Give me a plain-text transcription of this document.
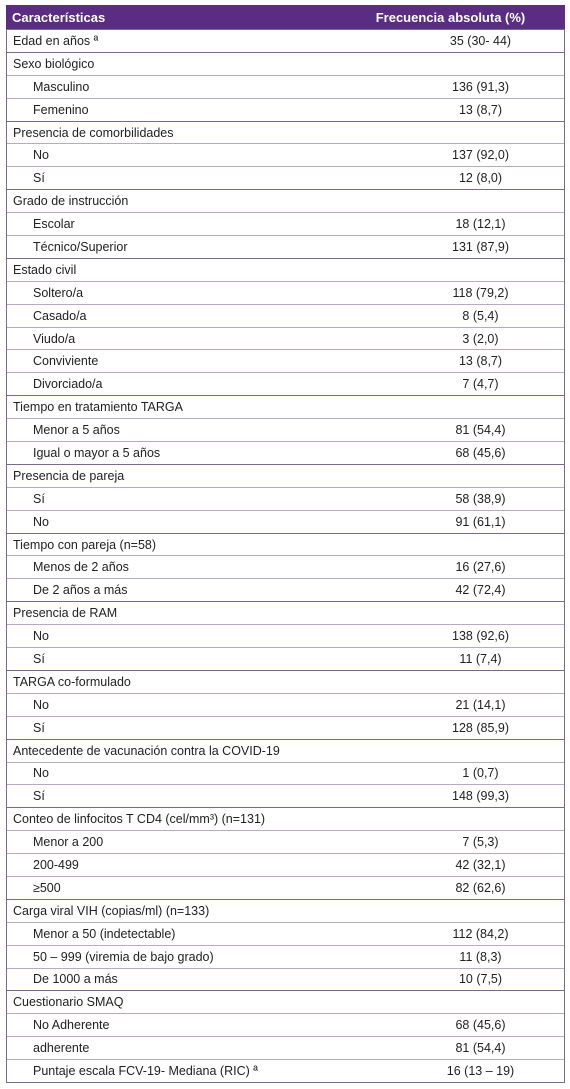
Características	Frecuencia absoluta (%)
Edad en años ª	35 (30- 44)
Sexo biológico
Masculino	136 (91,3)
Femenino	13 (8,7)
Presencia de comorbilidades
No	137 (92,0)
Sí	12 (8,0)
Grado de instrucción
Escolar	18 (12,1)
Técnico/Superior	131 (87,9)
Estado civil
Soltero/a	118 (79,2)
Casado/a	8 (5,4)
Viudo/a	3 (2,0)
Conviviente	13 (8,7)
Divorciado/a	7 (4,7)
Tiempo en tratamiento TARGA
Menor a 5 años	81 (54,4)
Igual o mayor a 5 años	68 (45,6)
Presencia de pareja
Sí	58 (38,9)
No	91 (61,1)
Tiempo con pareja (n=58)
Menos de 2 años	16 (27,6)
De 2 años a más	42 (72,4)
Presencia de RAM
No	138 (92,6)
Sí	11 (7,4)
TARGA co-formulado
No	21 (14,1)
Sí	128 (85,9)
Antecedente de vacunación contra la COVID-19
No	1 (0,7)
Sí	148 (99,3)
Conteo de linfocitos T CD4 (cel/mm³) (n=131)
Menor a 200	7 (5,3)
200-499	42 (32,1)
≥500	82 (62,6)
Carga viral VIH (copias/ml) (n=133)
Menor a 50 (indetectable)	112 (84,2)
50 – 999 (viremia de bajo grado)	11 (8,3)
De 1000 a más	10 (7,5)
Cuestionario SMAQ
No Adherente	68 (45,6)
adherente	81 (54,4)
Puntaje escala FCV-19- Mediana (RIC) ª	16 (13 – 19)
